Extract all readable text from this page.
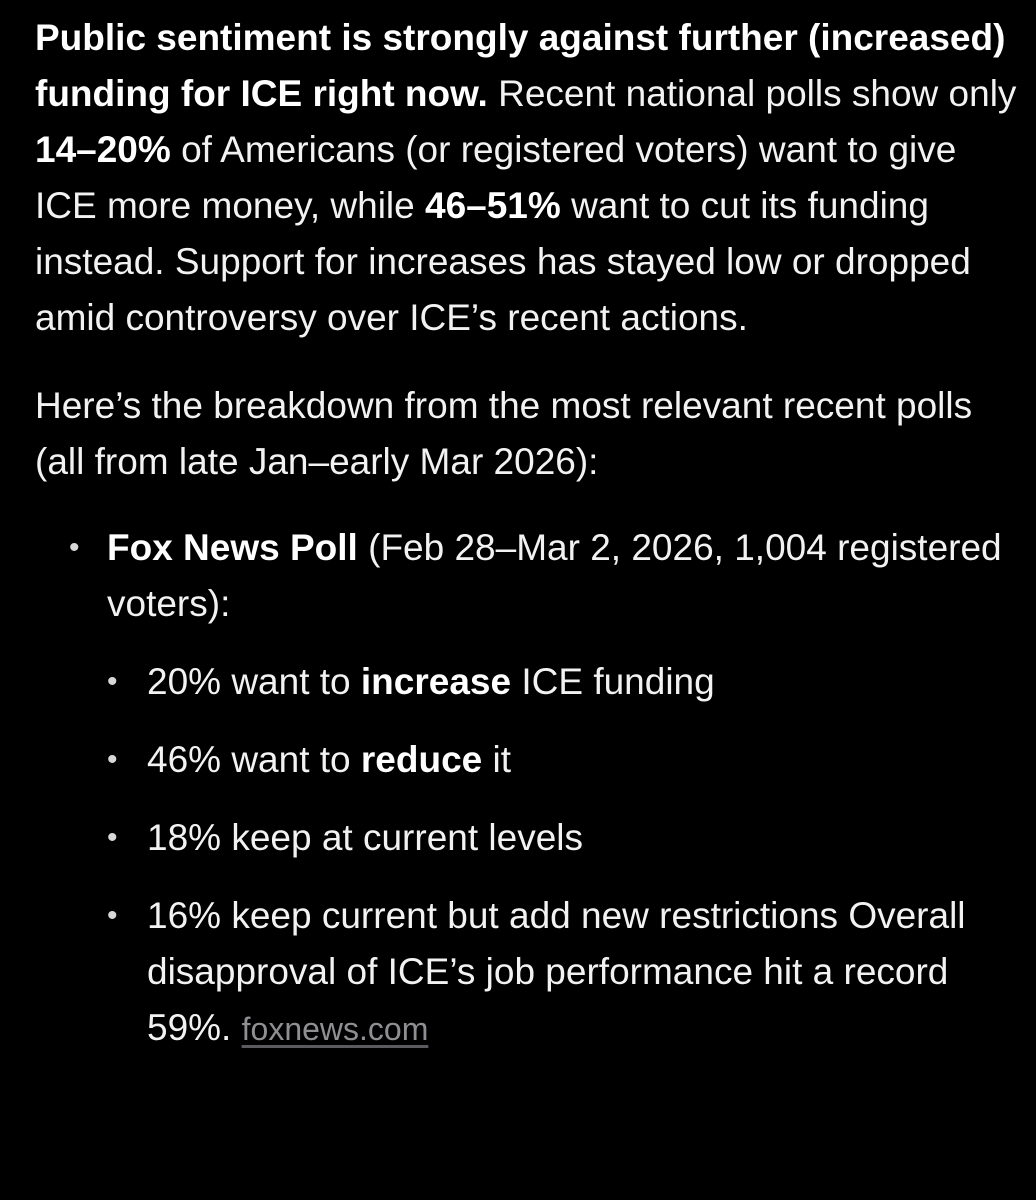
Public sentiment is strongly against further (increased) funding for ICE right now. Recent national polls show only 14–20% of Americans (or registered voters) want to give ICE more money, while 46–51% want to cut its funding instead. Support for increases has stayed low or dropped amid controversy over ICE’s recent actions.

Here’s the breakdown from the most relevant recent polls (all from late Jan–early Mar 2026):

• Fox News Poll (Feb 28–Mar 2, 2026, 1,004 registered voters):
• 20% want to increase ICE funding
• 46% want to reduce it
• 18% keep at current levels
• 16% keep current but add new restrictions Overall disapproval of ICE’s job performance hit a record 59%. foxnews.com
